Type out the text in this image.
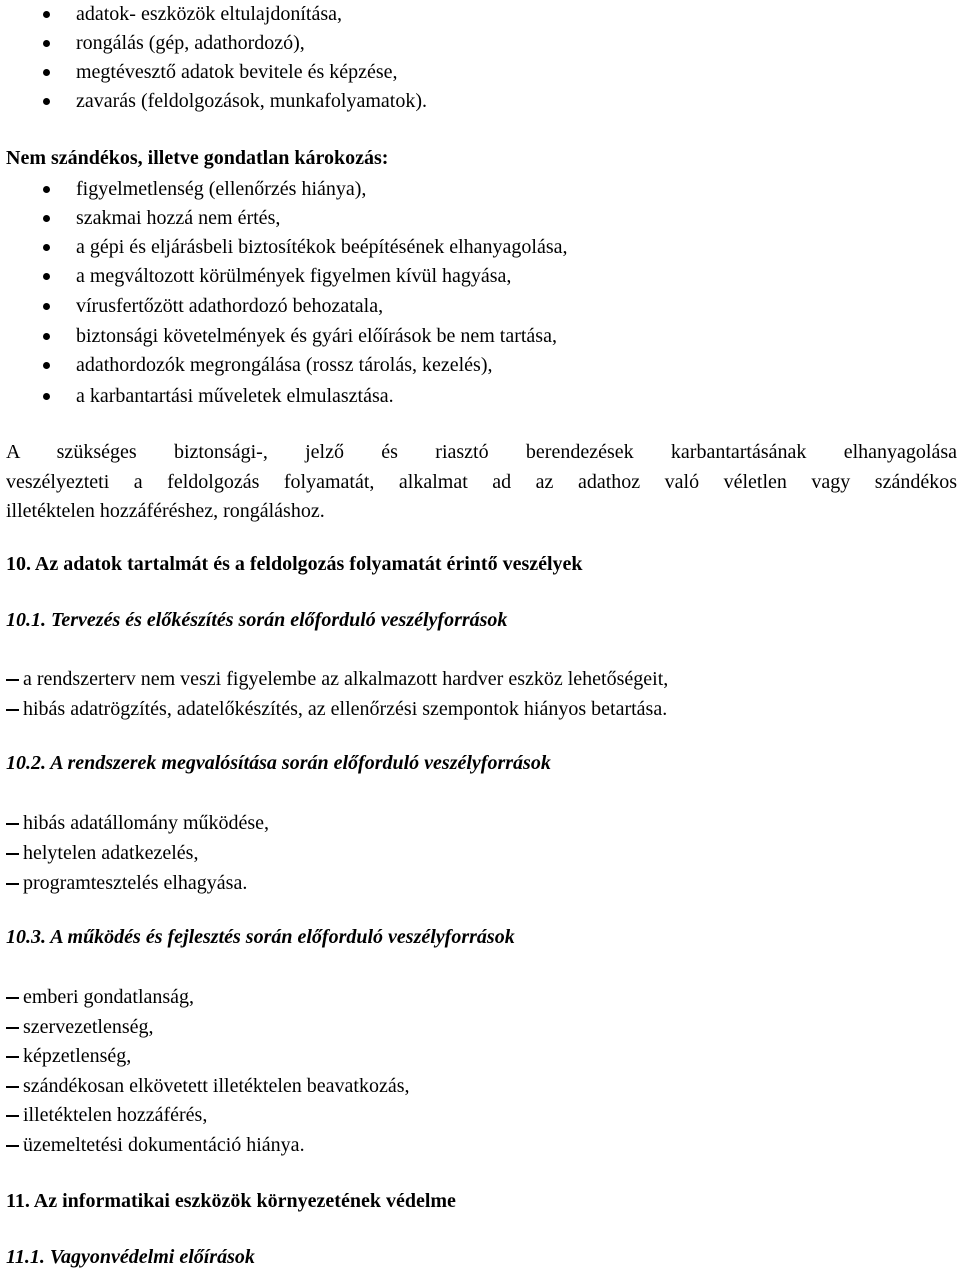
adatok- eszközök eltulajdonítása,
rongálás (gép, adathordozó),
megtévesztő adatok bevitele és képzése,
zavarás (feldolgozások, munkafolyamatok).
Nem szándékos, illetve gondatlan károkozás:
figyelmetlenség (ellenőrzés hiánya),
szakmai hozzá nem értés,
a gépi és eljárásbeli biztosítékok beépítésének elhanyagolása,
a megváltozott körülmények figyelmen kívül hagyása,
vírusfertőzött adathordozó behozatala,
biztonsági követelmények és gyári előírások be nem tartása,
adathordozók megrongálása (rossz tárolás, kezelés),
a karbantartási műveletek elmulasztása.
A szükséges biztonsági-, jelző és riasztó berendezések karbantartásának elhanyagolása
veszélyezteti a feldolgozás folyamatát, alkalmat ad az adathoz való véletlen vagy szándékos
illetéktelen hozzáféréshez, rongáláshoz.
10. Az adatok tartalmát és a feldolgozás folyamatát érintő veszélyek
10.1. Tervezés és előkészítés során előforduló veszélyforrások
a rendszerterv nem veszi figyelembe az alkalmazott hardver eszköz lehetőségeit,
hibás adatrögzítés, adatelőkészítés, az ellenőrzési szempontok hiányos betartása.
10.2. A rendszerek megvalósítása során előforduló veszélyforrások
hibás adatállomány működése,
helytelen adatkezelés,
programtesztelés elhagyása.
10.3. A működés és fejlesztés során előforduló veszélyforrások
emberi gondatlanság,
szervezetlenség,
képzetlenség,
szándékosan elkövetett illetéktelen beavatkozás,
illetéktelen hozzáférés,
üzemeltetési dokumentáció hiánya.
11. Az informatikai eszközök környezetének védelme
11.1. Vagyonvédelmi előírások
